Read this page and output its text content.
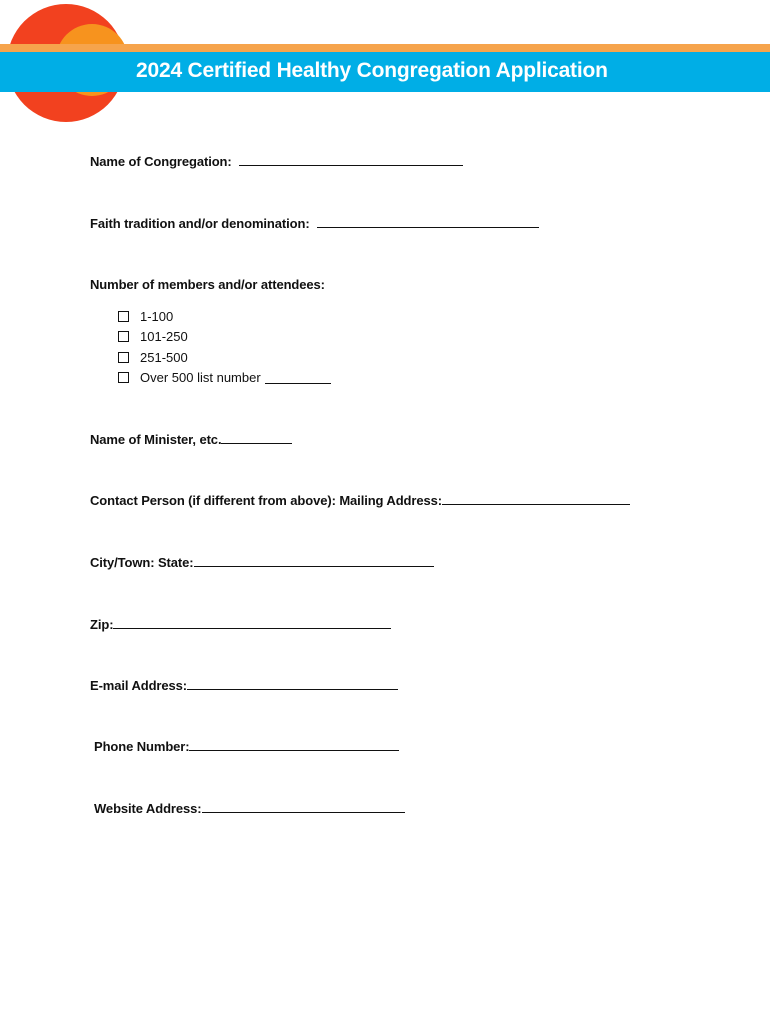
2024 Certified Healthy Congregation Application
Name of Congregation:
Faith tradition and/or denomination:
Number of members and/or attendees:
1-100
101-250
251-500
Over 500 list number
Name of Minister, etc.
Contact Person (if different from above): Mailing Address:
City/Town: State:
Zip:
E-mail Address:
Phone Number:
Website Address:
